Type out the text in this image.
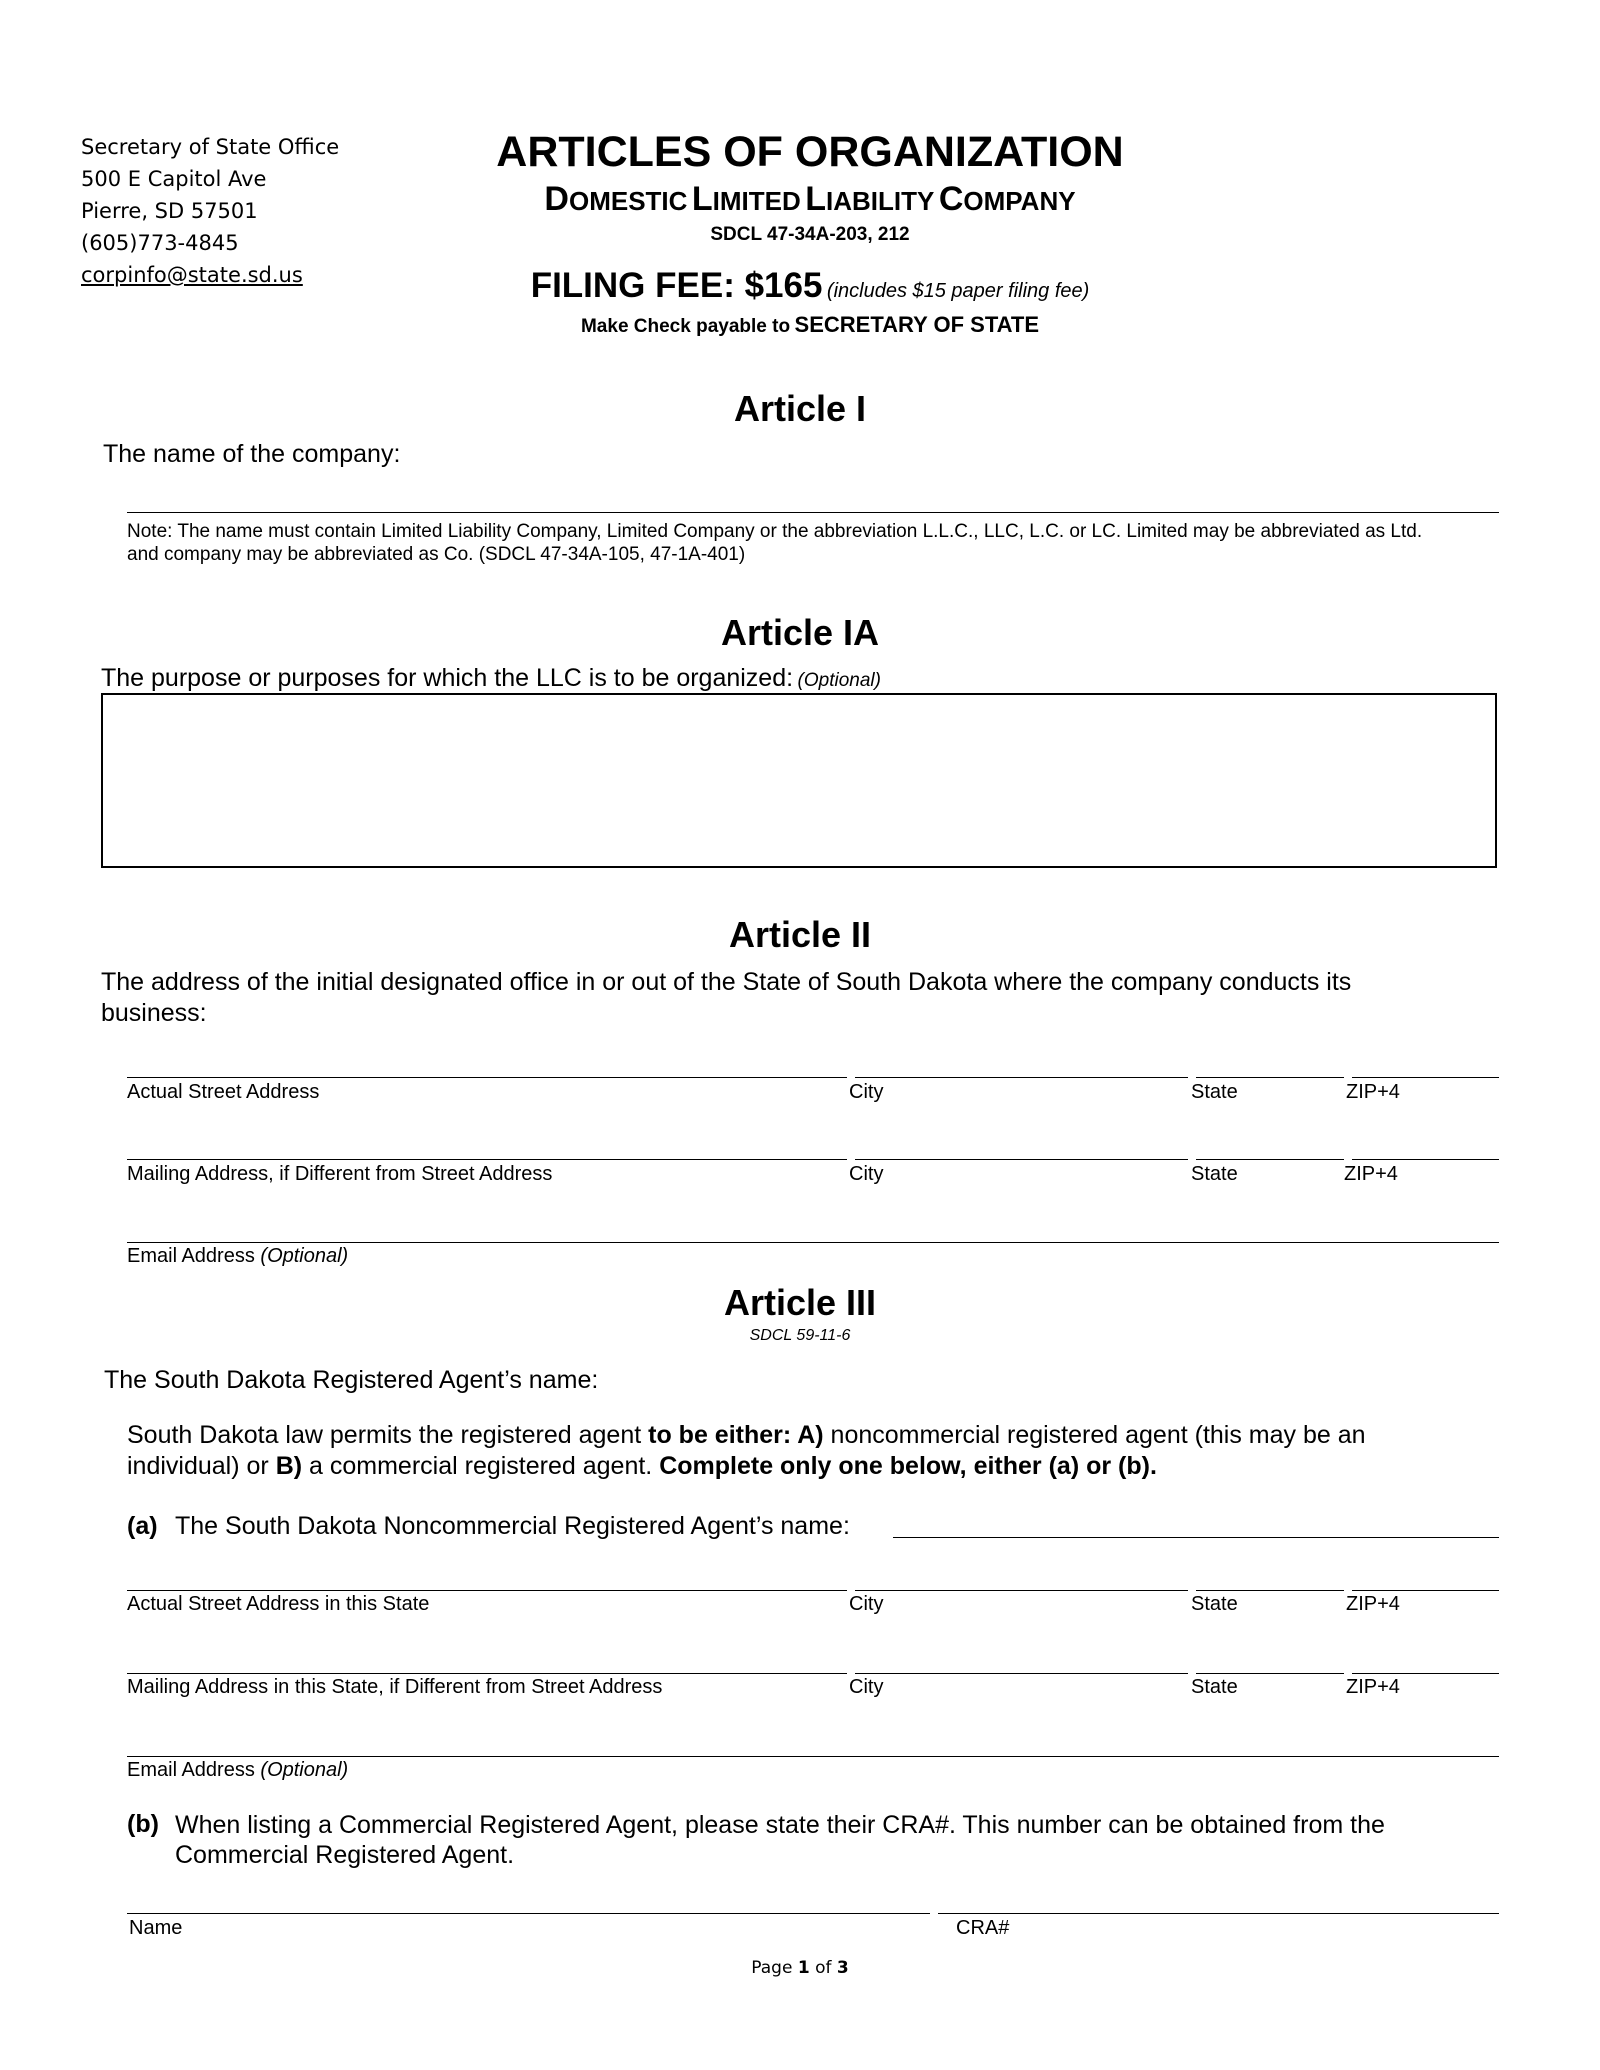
Secretary of State Office
500 E Capitol Ave
Pierre, SD 57501
(605)773-4845
corpinfo@state.sd.us
ARTICLES OF ORGANIZATION
DOMESTIC LIMITED LIABILITY COMPANY
SDCL 47-34A-203, 212
FILING FEE: $165 (includes $15 paper filing fee)
Make Check payable to SECRETARY OF STATE
Article I
The name of the company:
Note: The name must contain Limited Liability Company, Limited Company or the abbreviation L.L.C., LLC, L.C. or LC. Limited may be abbreviated as Ltd. and company may be abbreviated as Co. (SDCL 47-34A-105, 47-1A-401)
Article IA
The purpose or purposes for which the LLC is to be organized: (Optional)
Article II
The address of the initial designated office in or out of the State of South Dakota where the company conducts its business:
Actual Street Address	City	State	ZIP+4
Mailing Address, if Different from Street Address	City	State	ZIP+4
Email Address (Optional)
Article III
SDCL 59-11-6
The South Dakota Registered Agent’s name:
South Dakota law permits the registered agent to be either: A) noncommercial registered agent (this may be an individual) or B) a commercial registered agent. Complete only one below, either (a) or (b).
(a) The South Dakota Noncommercial Registered Agent’s name:
Actual Street Address in this State	City	State	ZIP+4
Mailing Address in this State, if Different from Street Address	City	State	ZIP+4
Email Address (Optional)
(b) When listing a Commercial Registered Agent, please state their CRA#. This number can be obtained from the Commercial Registered Agent.
Name	CRA#
Page 1 of 3
